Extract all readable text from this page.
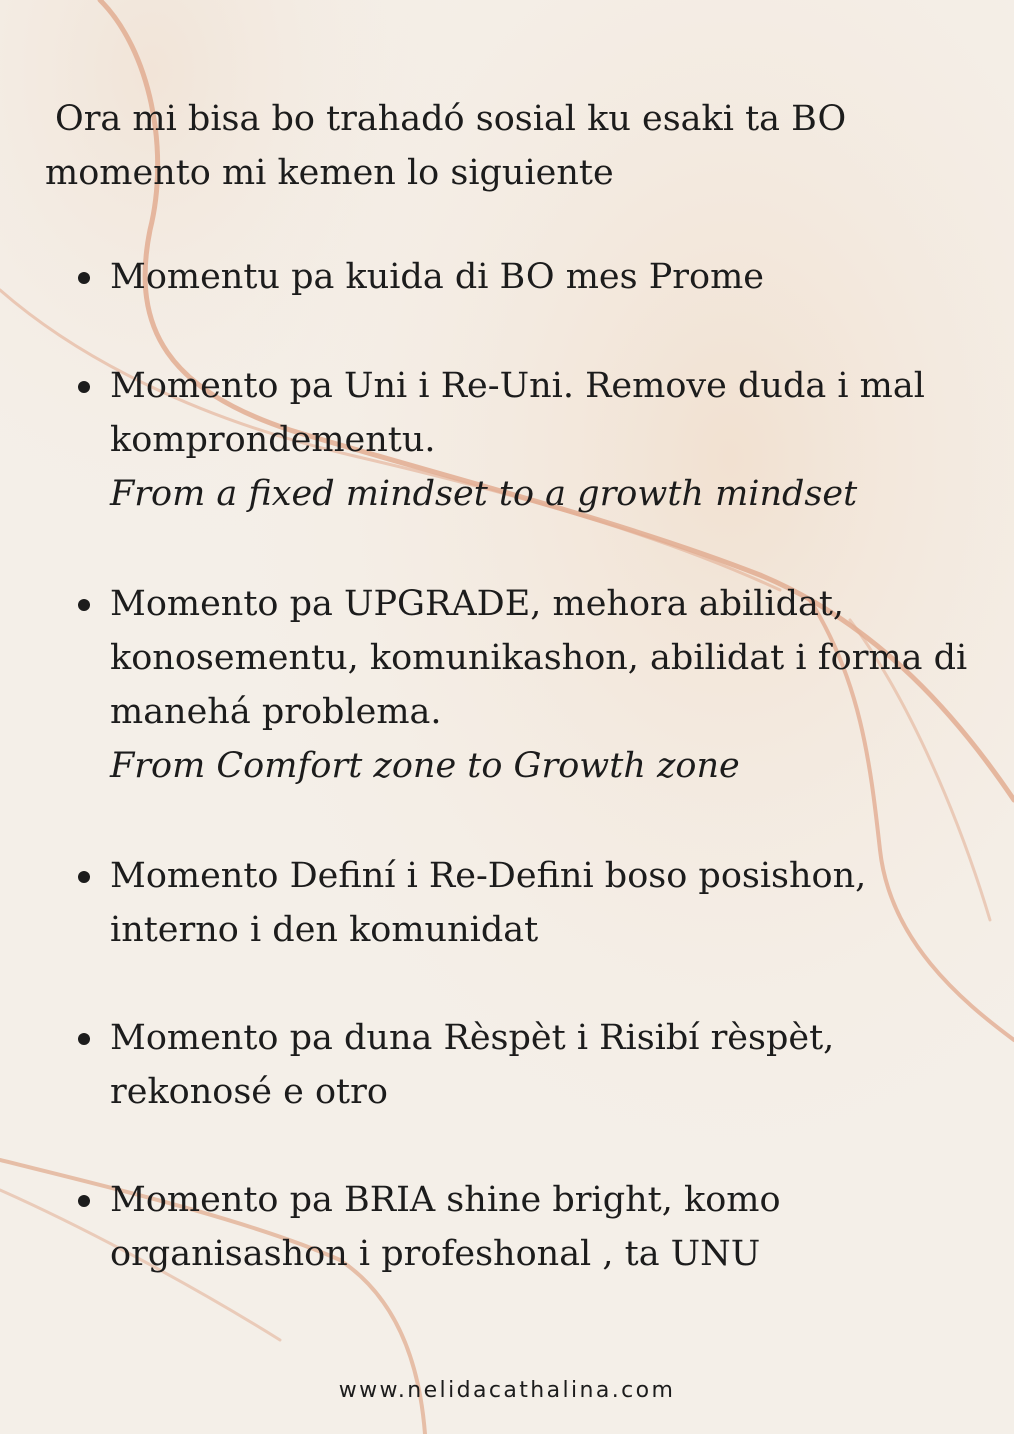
Ora mi bisa bo trahadó sosial ku esaki ta BO
momento mi kemen lo siguiente

Momentu pa kuida di BO mes Prome
Momento pa Uni i Re-Uni. Remove duda i mal
komprondementu.
From a fixed mindset to a growth mindset
Momento pa UPGRADE, mehora abilidat,
konosementu, komunikashon, abilidat i forma di
manehá problema.
From Comfort zone to Growth zone
Momento Definí i Re-Defini boso posishon,
interno i den komunidat
Momento pa duna Rèspèt i Risibí rèspèt,
rekonosé e otro
Momento pa BRIA shine bright, komo
organisashon i profeshonal , ta UNU
www.nelidacathalina.com
